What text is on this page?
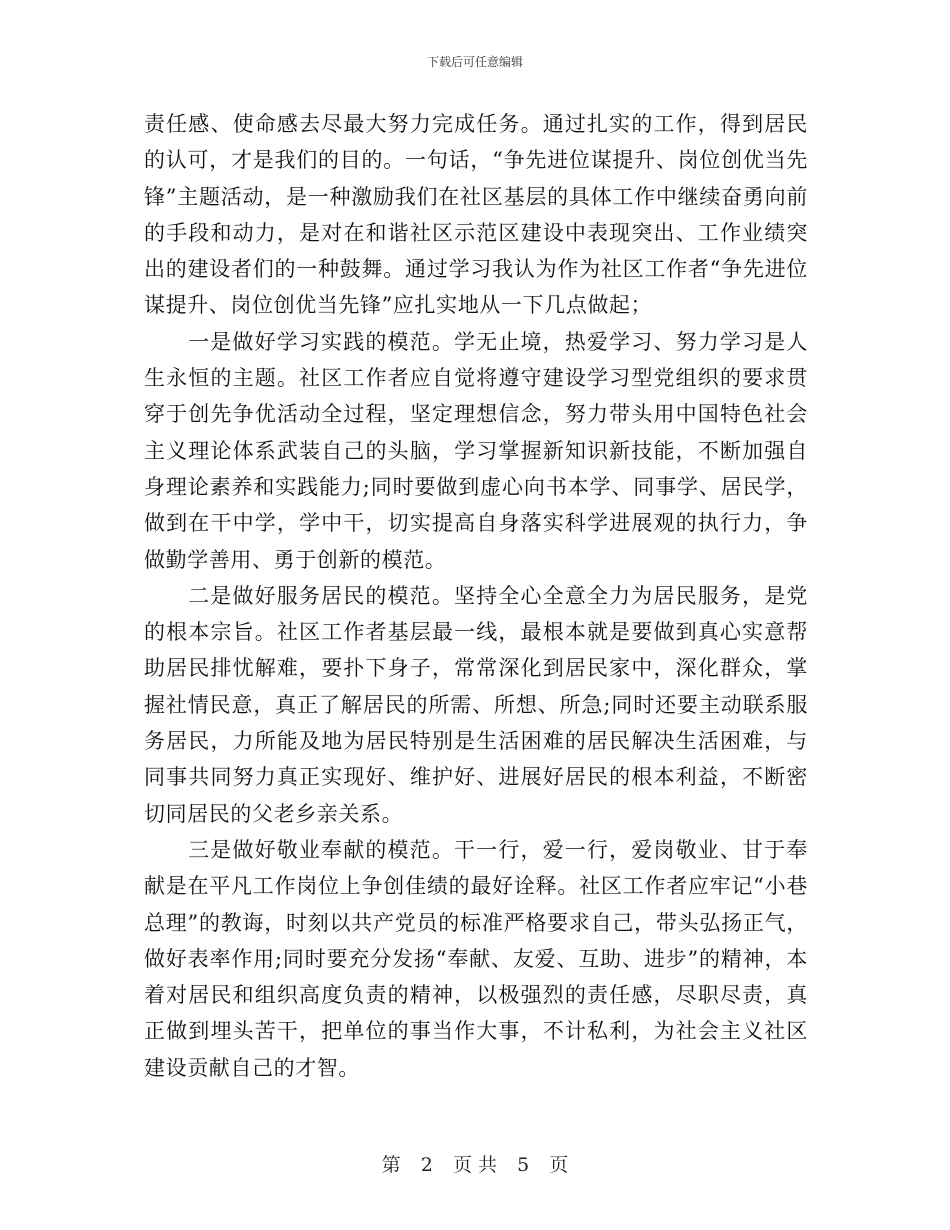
下载后可任意编辑

责任感、使命感去尽最大努力完成任务。通过扎实的工作，得到居民的认可，才是我们的目的。一句话，“争先进位谋提升、岗位创优当先锋”主题活动，是一种激励我们在社区基层的具体工作中继续奋勇向前的手段和动力，是对在和谐社区示范区建设中表现突出、工作业绩突出的建设者们的一种鼓舞。通过学习我认为作为社区工作者“争先进位谋提升、岗位创优当先锋”应扎实地从一下几点做起；

一是做好学习实践的模范。学无止境，热爱学习、努力学习是人生永恒的主题。社区工作者应自觉将遵守建设学习型党组织的要求贯穿于创先争优活动全过程，坚定理想信念，努力带头用中国特色社会主义理论体系武装自己的头脑，学习掌握新知识新技能，不断加强自身理论素养和实践能力;同时要做到虚心向书本学、同事学、居民学，做到在干中学，学中干，切实提高自身落实科学进展观的执行力，争做勤学善用、勇于创新的模范。

二是做好服务居民的模范。坚持全心全意全力为居民服务，是党的根本宗旨。社区工作者基层最一线，最根本就是要做到真心实意帮助居民排忧解难，要扑下身子，常常深化到居民家中，深化群众，掌握社情民意，真正了解居民的所需、所想、所急;同时还要主动联系服务居民，力所能及地为居民特别是生活困难的居民解决生活困难，与同事共同努力真正实现好、维护好、进展好居民的根本利益，不断密切同居民的父老乡亲关系。

三是做好敬业奉献的模范。干一行，爱一行，爱岗敬业、甘于奉献是在平凡工作岗位上争创佳绩的最好诠释。社区工作者应牢记“小巷总理”的教诲，时刻以共产党员的标准严格要求自己，带头弘扬正气，做好表率作用;同时要充分发扬“奉献、友爱、互助、进步”的精神，本着对居民和组织高度负责的精神，以极强烈的责任感，尽职尽责，真正做到埋头苦干，把单位的事当作大事，不计私利，为社会主义社区建设贡献自己的才智。

第 2 页 共 5 页
